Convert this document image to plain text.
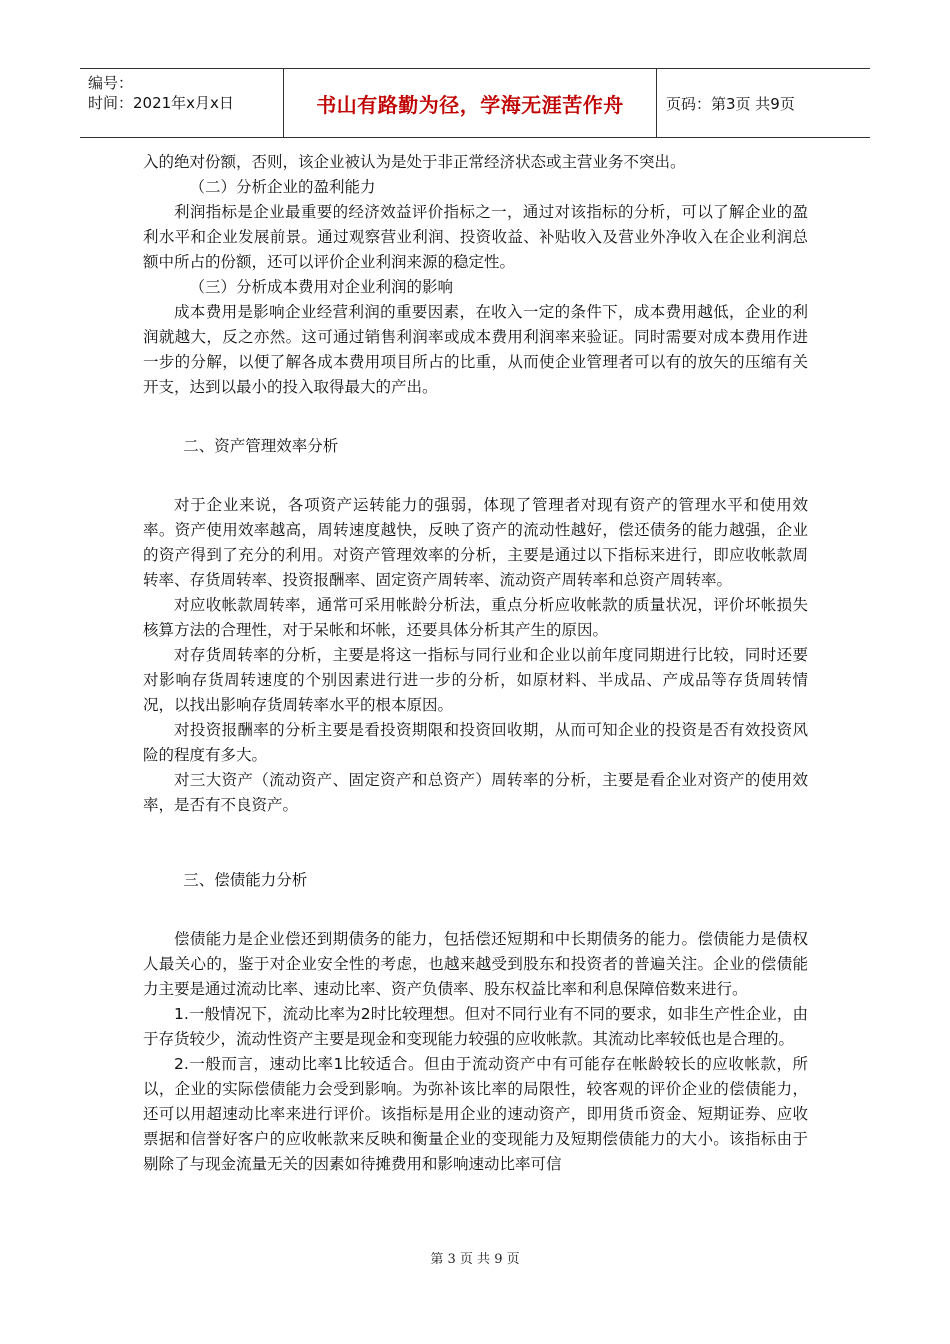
编号：
时间：2021年x月x日	书山有路勤为径，学海无涯苦作舟	页码：第3页 共9页

入的绝对份额，否则，该企业被认为是处于非正常经济状态或主营业务不突出。

（二）分析企业的盈利能力

利润指标是企业最重要的经济效益评价指标之一，通过对该指标的分析，可以了解企业的盈利水平和企业发展前景。通过观察营业利润、投资收益、补贴收入及营业外净收入在企业利润总额中所占的份额，还可以评价企业利润来源的稳定性。

（三）分析成本费用对企业利润的影响

成本费用是影响企业经营利润的重要因素，在收入一定的条件下，成本费用越低，企业的利润就越大，反之亦然。这可通过销售利润率或成本费用利润率来验证。同时需要对成本费用作进一步的分解，以便了解各成本费用项目所占的比重，从而使企业管理者可以有的放矢的压缩有关开支，达到以最小的投入取得最大的产出。

二、资产管理效率分析

对于企业来说，各项资产运转能力的强弱，体现了管理者对现有资产的管理水平和使用效率。资产使用效率越高，周转速度越快，反映了资产的流动性越好，偿还债务的能力越强，企业的资产得到了充分的利用。对资产管理效率的分析，主要是通过以下指标来进行，即应收帐款周转率、存货周转率、投资报酬率、固定资产周转率、流动资产周转率和总资产周转率。

对应收帐款周转率，通常可采用帐龄分析法，重点分析应收帐款的质量状况，评价坏帐损失核算方法的合理性，对于呆帐和坏帐，还要具体分析其产生的原因。

对存货周转率的分析，主要是将这一指标与同行业和企业以前年度同期进行比较，同时还要对影响存货周转速度的个别因素进行进一步的分析，如原材料、半成品、产成品等存货周转情况，以找出影响存货周转率水平的根本原因。

对投资报酬率的分析主要是看投资期限和投资回收期，从而可知企业的投资是否有效投资风险的程度有多大。

对三大资产（流动资产、固定资产和总资产）周转率的分析，主要是看企业对资产的使用效率，是否有不良资产。

三、偿债能力分析

偿债能力是企业偿还到期债务的能力，包括偿还短期和中长期债务的能力。偿债能力是债权人最关心的，鉴于对企业安全性的考虑，也越来越受到股东和投资者的普遍关注。企业的偿债能力主要是通过流动比率、速动比率、资产负债率、股东权益比率和利息保障倍数来进行。

1.一般情况下，流动比率为2时比较理想。但对不同行业有不同的要求，如非生产性企业，由于存货较少，流动性资产主要是现金和变现能力较强的应收帐款。其流动比率较低也是合理的。

2.一般而言，速动比率1比较适合。但由于流动资产中有可能存在帐龄较长的应收帐款，所以，企业的实际偿债能力会受到影响。为弥补该比率的局限性，较客观的评价企业的偿债能力，还可以用超速动比率来进行评价。该指标是用企业的速动资产，即用货币资金、短期证券、应收票据和信誉好客户的应收帐款来反映和衡量企业的变现能力及短期偿债能力的大小。该指标由于剔除了与现金流量无关的因素如待摊费用和影响速动比率可信

第 3 页 共 9 页
